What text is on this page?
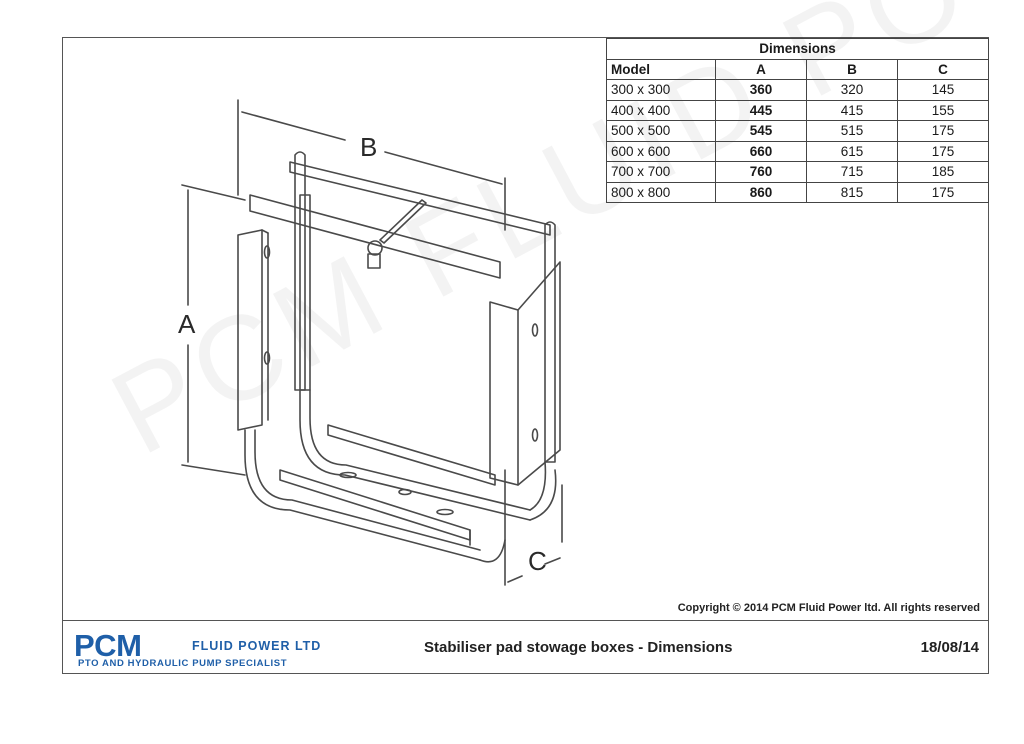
Dimensions			
Model	A	B	C
300 x 300	360	320	145
400 x 400	445	415	155
500 x 500	545	515	175
600 x 600	660	615	175
700 x 700	760	715	185
800 x 800	860	815	175
B
A
C
Copyright © 2014 PCM Fluid Power ltd. All rights reserved
PCM	FLUID POWER LTD
PTO AND HYDRAULIC PUMP SPECIALIST
Stabiliser pad stowage boxes - Dimensions	18/08/14
